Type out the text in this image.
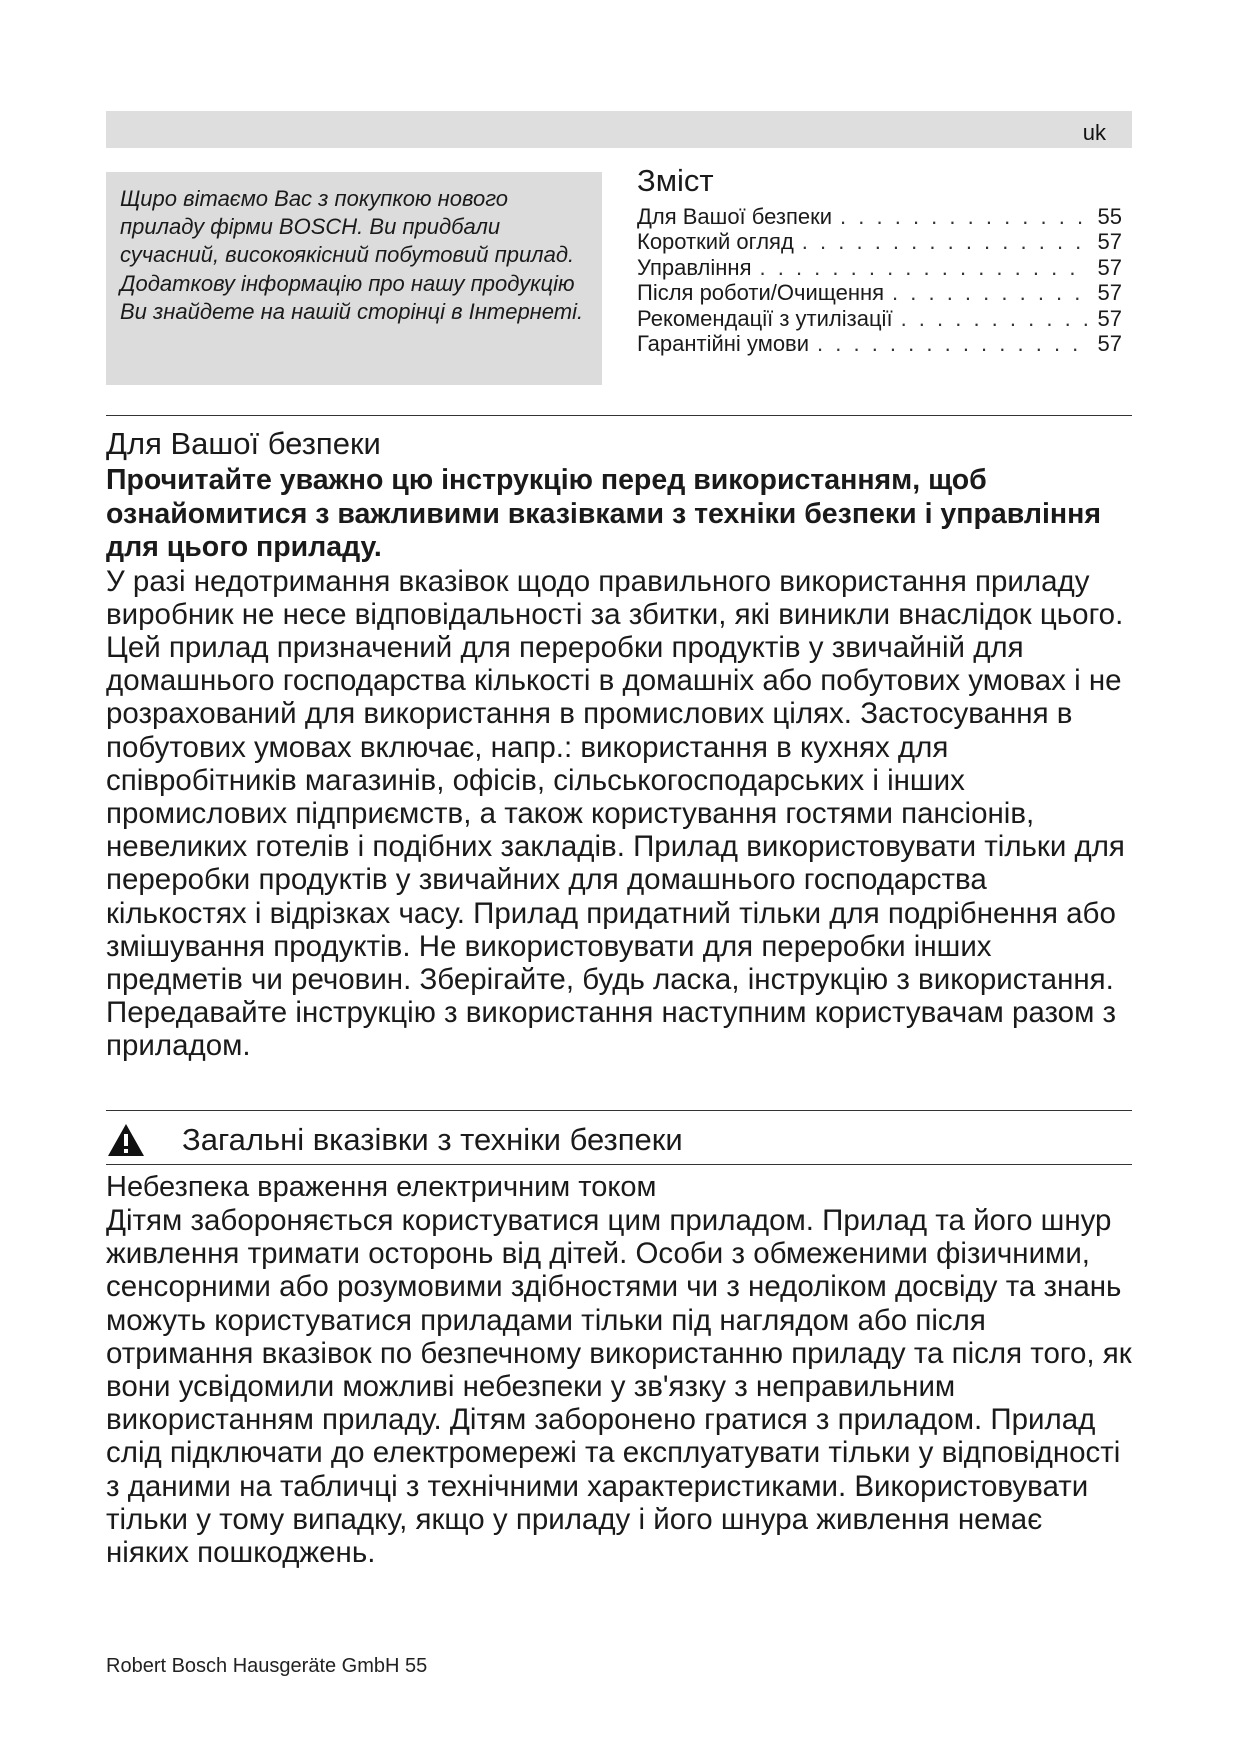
uk

Щиро вітаємо Вас з покупкою нового приладу фірми BOSCH. Ви придбали сучасний, високоякісний побутовий прилад. Додаткову інформацію про нашу продукцію Ви знайдете на нашій сторінці в Інтернеті.

Зміст
Для Вашої безпеки . . .	55
Короткий огляд . . .	57
Управління . . .	57
Після роботи/Очищення . . .	57
Рекомендації з утилізації . . .	57
Гарантійні умови . . .	57
Для Вашої безпеки

Прочитайте уважно цю інструкцію перед використанням, щоб ознайомитися з важливими вказівками з техніки безпеки і управління для цього приладу.

У разі недотримання вказівок щодо правильного використання приладу виробник не несе відповідальності за збитки, які виникли внаслідок цього. Цей прилад призначений для переробки продуктів у звичайній для домашнього господарства кількості в домашніх або побутових умовах і не розрахований для використання в промислових цілях. Застосування в побутових умовах включає, напр.: використання в кухнях для співробітників магазинів, офісів, сільськогосподарських і інших промислових підприємств, а також користування гостями пансіонів, невеликих готелів і подібних закладів. Прилад використовувати тільки для переробки продуктів у звичайних для домашнього господарства кількостях і відрізках часу. Прилад придатний тільки для подрібнення або змішування продуктів. Не використовувати для переробки інших предметів чи речовин. Зберігайте, будь ласка, інструкцію з використання. Передавайте інструкцію з використання наступним користувачам разом з приладом.

Загальні вказівки з техніки безпеки
Небезпека враження електричним током

Дітям забороняється користуватися цим приладом. Прилад та його шнур живлення тримати осторонь від дітей. Особи з обмеженими фізичними, сенсорними або розумовими здібностями чи з недоліком досвіду та знань можуть користуватися приладами тільки під наглядом або після отримання вказівок по безпечному використанню приладу та після того, як вони усвідомили можливі небезпеки у зв'язку з неправильним використанням приладу. Дітям заборонено гратися з приладом. Прилад слід підключати до електромережі та експлуатувати тільки у відповідності з даними на табличці з технічними характеристиками. Використовувати тільки у тому випадку, якщо у приладу і його шнура живлення немає ніяких пошкоджень.

Robert Bosch Hausgeräte GmbH 55
